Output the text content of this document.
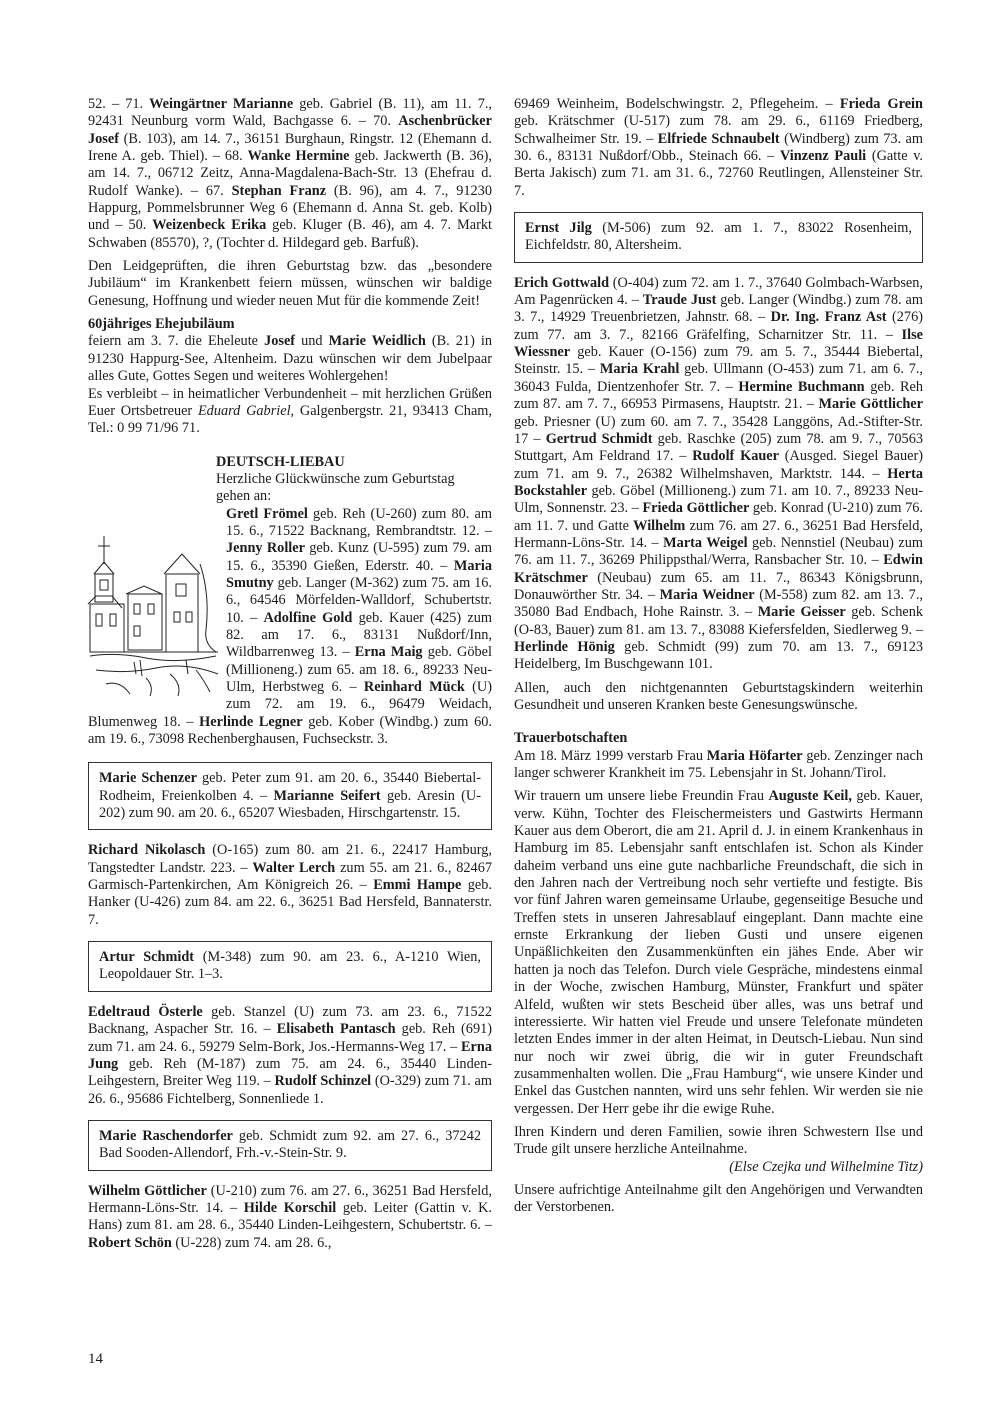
52. – 71. Weingärtner Marianne geb. Gabriel (B. 11), am 11. 7., 92431 Neunburg vorm Wald, Bachgasse 6. – 70. Aschenbrücker Josef (B. 103), am 14. 7., 36151 Burghaun, Ringstr. 12 (Ehemann d. Irene A. geb. Thiel). – 68. Wanke Hermine geb. Jackwerth (B. 36), am 14. 7., 06712 Zeitz, Anna-Magdalena-Bach-Str. 13 (Ehefrau d. Rudolf Wanke). – 67. Stephan Franz (B. 96), am 4. 7., 91230 Happurg, Pommelsbrunner Weg 6 (Ehemann d. Anna St. geb. Kolb) und – 50. Weizenbeck Erika geb. Kluger (B. 46), am 4. 7. Markt Schwaben (85570), ?, (Tochter d. Hildegard geb. Barfuß).

Den Leidgeprüften, die ihren Geburtstag bzw. das „besondere Jubiläum“ im Krankenbett feiern müssen, wünschen wir baldige Genesung, Hoffnung und wieder neuen Mut für die kommende Zeit!

60jähriges Ehejubiläum

feiern am 3. 7. die Eheleute Josef und Marie Weidlich (B. 21) in 91230 Happurg-See, Altenheim. Dazu wünschen wir dem Jubelpaar alles Gute, Gottes Segen und weiteres Wohlergehen!

Es verbleibt – in heimatlicher Verbundenheit – mit herzlichen Grüßen Euer Ortsbetreuer Eduard Gabriel, Galgenbergstr. 21, 93413 Cham, Tel.: 0 99 71/96 71.

DEUTSCH-LIEBAU

Herzliche Glückwünsche zum Geburtstag gehen an:

Gretl Frömel geb. Reh (U-260) zum 80. am 15. 6., 71522 Backnang, Rembrandtstr. 12. – Jenny Roller geb. Kunz (U-595) zum 79. am 15. 6., 35390 Gießen, Ederstr. 40. – Maria Smutny geb. Langer (M-362) zum 75. am 16. 6., 64546 Mörfelden-Walldorf, Schubertstr. 10. – Adolfine Gold geb. Kauer (425) zum 82. am 17. 6., 83131 Nußdorf/Inn, Wildbarrenweg 13. – Erna Maig geb. Göbel (Millioneng.) zum 65. am 18. 6., 89233 Neu-Ulm, Herbstweg 6. – Reinhard Mück (U) zum 72. am 19. 6., 96479 Weidach, Blumenweg 18. – Herlinde Legner geb. Kober (Windbg.) zum 60. am 19. 6., 73098 Rechenberghausen, Fuchseckstr. 3.

Marie Schenzer geb. Peter zum 91. am 20. 6., 35440 Biebertal-Rodheim, Freienkolben 4. – Marianne Seifert geb. Aresin (U-202) zum 90. am 20. 6., 65207 Wiesbaden, Hirschgartenstr. 15.

Richard Nikolasch (O-165) zum 80. am 21. 6., 22417 Hamburg, Tangstedter Landstr. 223. – Walter Lerch zum 55. am 21. 6., 82467 Garmisch-Partenkirchen, Am Königreich 26. – Emmi Hampe geb. Hanker (U-426) zum 84. am 22. 6., 36251 Bad Hersfeld, Bannaterstr. 7.

Artur Schmidt (M-348) zum 90. am 23. 6., A-1210 Wien, Leopoldauer Str. 1–3.

Edeltraud Österle geb. Stanzel (U) zum 73. am 23. 6., 71522 Backnang, Aspacher Str. 16. – Elisabeth Pantasch geb. Reh (691) zum 71. am 24. 6., 59279 Selm-Bork, Jos.-Hermanns-Weg 17. – Erna Jung geb. Reh (M-187) zum 75. am 24. 6., 35440 Linden-Leihgestern, Breiter Weg 119. – Rudolf Schinzel (O-329) zum 71. am 26. 6., 95686 Fichtelberg, Sonnenliede 1.

Marie Raschendorfer geb. Schmidt zum 92. am 27. 6., 37242 Bad Sooden-Allendorf, Frh.-v.-Stein-Str. 9.

Wilhelm Göttlicher (U-210) zum 76. am 27. 6., 36251 Bad Hersfeld, Hermann-Löns-Str. 14. – Hilde Korschil geb. Leiter (Gattin v. K. Hans) zum 81. am 28. 6., 35440 Linden-Leihgestern, Schubertstr. 6. – Robert Schön (U-228) zum 74. am 28. 6.,

69469 Weinheim, Bodelschwingstr. 2, Pflegeheim. – Frieda Grein geb. Krätschmer (U-517) zum 78. am 29. 6., 61169 Friedberg, Schwalheimer Str. 19. – Elfriede Schnaubelt (Windberg) zum 73. am 30. 6., 83131 Nußdorf/Obb., Steinach 66. – Vinzenz Pauli (Gatte v. Berta Jakisch) zum 71. am 31. 6., 72760 Reutlingen, Allensteiner Str. 7.

Ernst Jilg (M-506) zum 92. am 1. 7., 83022 Rosenheim, Eichfeldstr. 80, Altersheim.

Erich Gottwald (O-404) zum 72. am 1. 7., 37640 Golmbach-Warbsen, Am Pagenrücken 4. – Traude Just geb. Langer (Windbg.) zum 78. am 3. 7., 14929 Treuenbrietzen, Jahnstr. 68. – Dr. Ing. Franz Ast (276) zum 77. am 3. 7., 82166 Gräfelfing, Scharnitzer Str. 11. – Ilse Wiessner geb. Kauer (O-156) zum 79. am 5. 7., 35444 Biebertal, Steinstr. 15. – Maria Krahl geb. Ullmann (O-453) zum 71. am 6. 7., 36043 Fulda, Dientzenhofer Str. 7. – Hermine Buchmann geb. Reh zum 87. am 7. 7., 66953 Pirmasens, Hauptstr. 21. – Marie Göttlicher geb. Priesner (U) zum 60. am 7. 7., 35428 Langgöns, Ad.-Stifter-Str. 17 – Gertrud Schmidt geb. Raschke (205) zum 78. am 9. 7., 70563 Stuttgart, Am Feldrand 17. – Rudolf Kauer (Ausged. Siegel Bauer) zum 71. am 9. 7., 26382 Wilhelmshaven, Marktstr. 144. – Herta Bockstahler geb. Göbel (Millioneng.) zum 71. am 10. 7., 89233 Neu-Ulm, Sonnenstr. 23. – Frieda Göttlicher geb. Konrad (U-210) zum 76. am 11. 7. und Gatte Wilhelm zum 76. am 27. 6., 36251 Bad Hersfeld, Hermann-Löns-Str. 14. – Marta Weigel geb. Nennstiel (Neubau) zum 76. am 11. 7., 36269 Philippsthal/Werra, Ransbacher Str. 10. – Edwin Krätschmer (Neubau) zum 65. am 11. 7., 86343 Königsbrunn, Donauwörther Str. 34. – Maria Weidner (M-558) zum 82. am 13. 7., 35080 Bad Endbach, Hohe Rainstr. 3. – Marie Geisser geb. Schenk (O-83, Bauer) zum 81. am 13. 7., 83088 Kiefersfelden, Siedlerweg 9. – Herlinde Hönig geb. Schmidt (99) zum 70. am 13. 7., 69123 Heidelberg, Im Buschgewann 101.

Allen, auch den nichtgenannten Geburtstagskindern weiterhin Gesundheit und unseren Kranken beste Genesungswünsche.

Trauerbotschaften

Am 18. März 1999 verstarb Frau Maria Höfarter geb. Zenzinger nach langer schwerer Krankheit im 75. Lebensjahr in St. Johann/Tirol.

Wir trauern um unsere liebe Freundin Frau Auguste Keil, geb. Kauer, verw. Kühn, Tochter des Fleischermeisters und Gastwirts Hermann Kauer aus dem Oberort, die am 21. April d. J. in einem Krankenhaus in Hamburg im 85. Lebensjahr sanft entschlafen ist. Schon als Kinder daheim verband uns eine gute nachbarliche Freundschaft, die sich in den Jahren nach der Vertreibung noch sehr vertiefte und festigte. Bis vor fünf Jahren waren gemeinsame Urlaube, gegenseitige Besuche und Treffen stets in unseren Jahresablauf eingeplant. Dann machte eine ernste Erkrankung der lieben Gusti und unsere eigenen Unpäßlichkeiten den Zusammenkünften ein jähes Ende. Aber wir hatten ja noch das Telefon. Durch viele Gespräche, mindestens einmal in der Woche, zwischen Hamburg, Münster, Frankfurt und später Alfeld, wußten wir stets Bescheid über alles, was uns betraf und interessierte. Wir hatten viel Freude und unsere Telefonate mündeten letzten Endes immer in der alten Heimat, in Deutsch-Liebau. Nun sind nur noch wir zwei übrig, die wir in guter Freundschaft zusammenhalten wollen. Die „Frau Hamburg“, wie unsere Kinder und Enkel das Gustchen nannten, wird uns sehr fehlen. Wir werden sie nie vergessen. Der Herr gebe ihr die ewige Ruhe.

Ihren Kindern und deren Familien, sowie ihren Schwestern Ilse und Trude gilt unsere herzliche Anteilnahme.

(Else Czejka und Wilhelmine Titz)

Unsere aufrichtige Anteilnahme gilt den Angehörigen und Verwandten der Verstorbenen.

14
